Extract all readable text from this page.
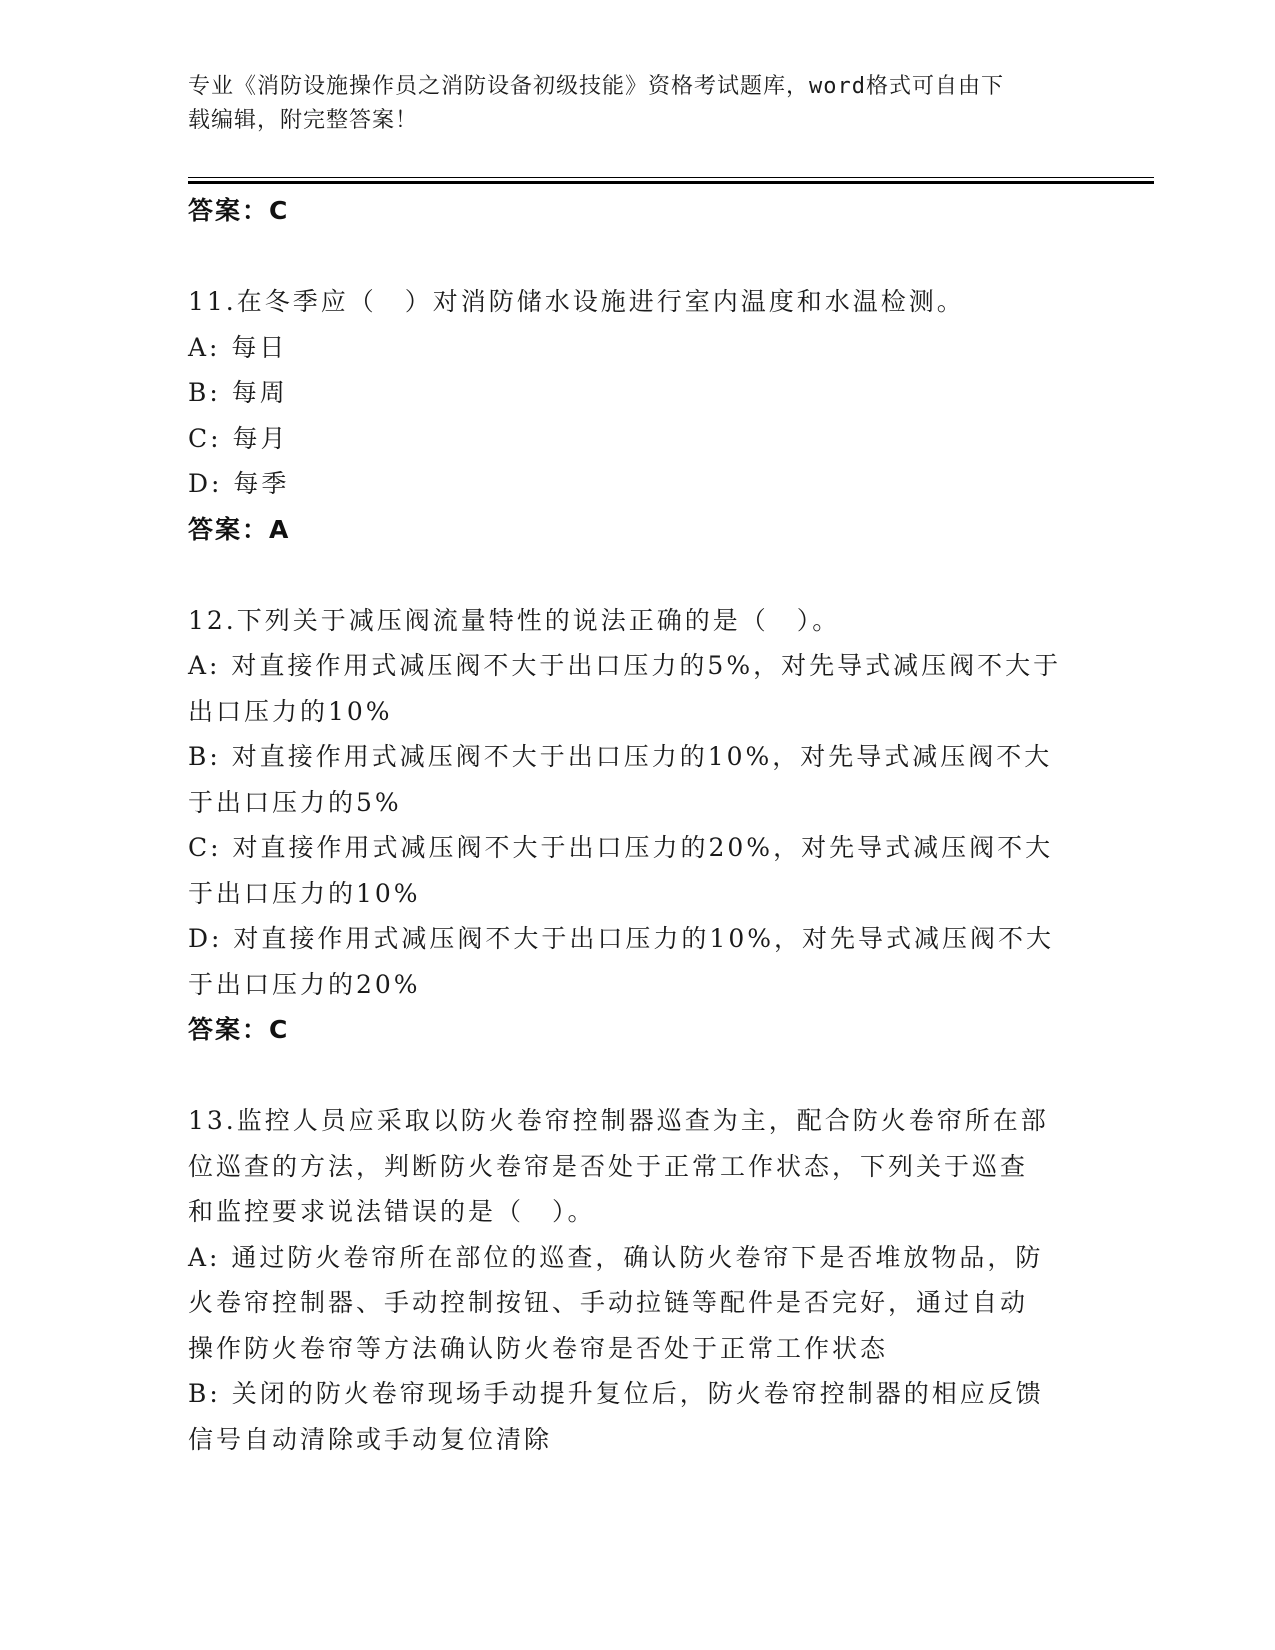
专业《消防设施操作员之消防设备初级技能》资格考试题库，word格式可自由下
载编辑，附完整答案！
答案：C
11.在冬季应（　）对消防储水设施进行室内温度和水温检测。
A: 每日
B: 每周
C: 每月
D: 每季
答案：A
12.下列关于减压阀流量特性的说法正确的是（　）。
A: 对直接作用式减压阀不大于出口压力的5%，对先导式减压阀不大于
出口压力的10%
B: 对直接作用式减压阀不大于出口压力的10%，对先导式减压阀不大
于出口压力的5%
C: 对直接作用式减压阀不大于出口压力的20%，对先导式减压阀不大
于出口压力的10%
D: 对直接作用式减压阀不大于出口压力的10%，对先导式减压阀不大
于出口压力的20%
答案：C
13.监控人员应采取以防火卷帘控制器巡查为主，配合防火卷帘所在部
位巡查的方法，判断防火卷帘是否处于正常工作状态，下列关于巡查
和监控要求说法错误的是（　）。
A: 通过防火卷帘所在部位的巡查，确认防火卷帘下是否堆放物品，防
火卷帘控制器、手动控制按钮、手动拉链等配件是否完好，通过自动
操作防火卷帘等方法确认防火卷帘是否处于正常工作状态
B: 关闭的防火卷帘现场手动提升复位后，防火卷帘控制器的相应反馈
信号自动清除或手动复位清除
